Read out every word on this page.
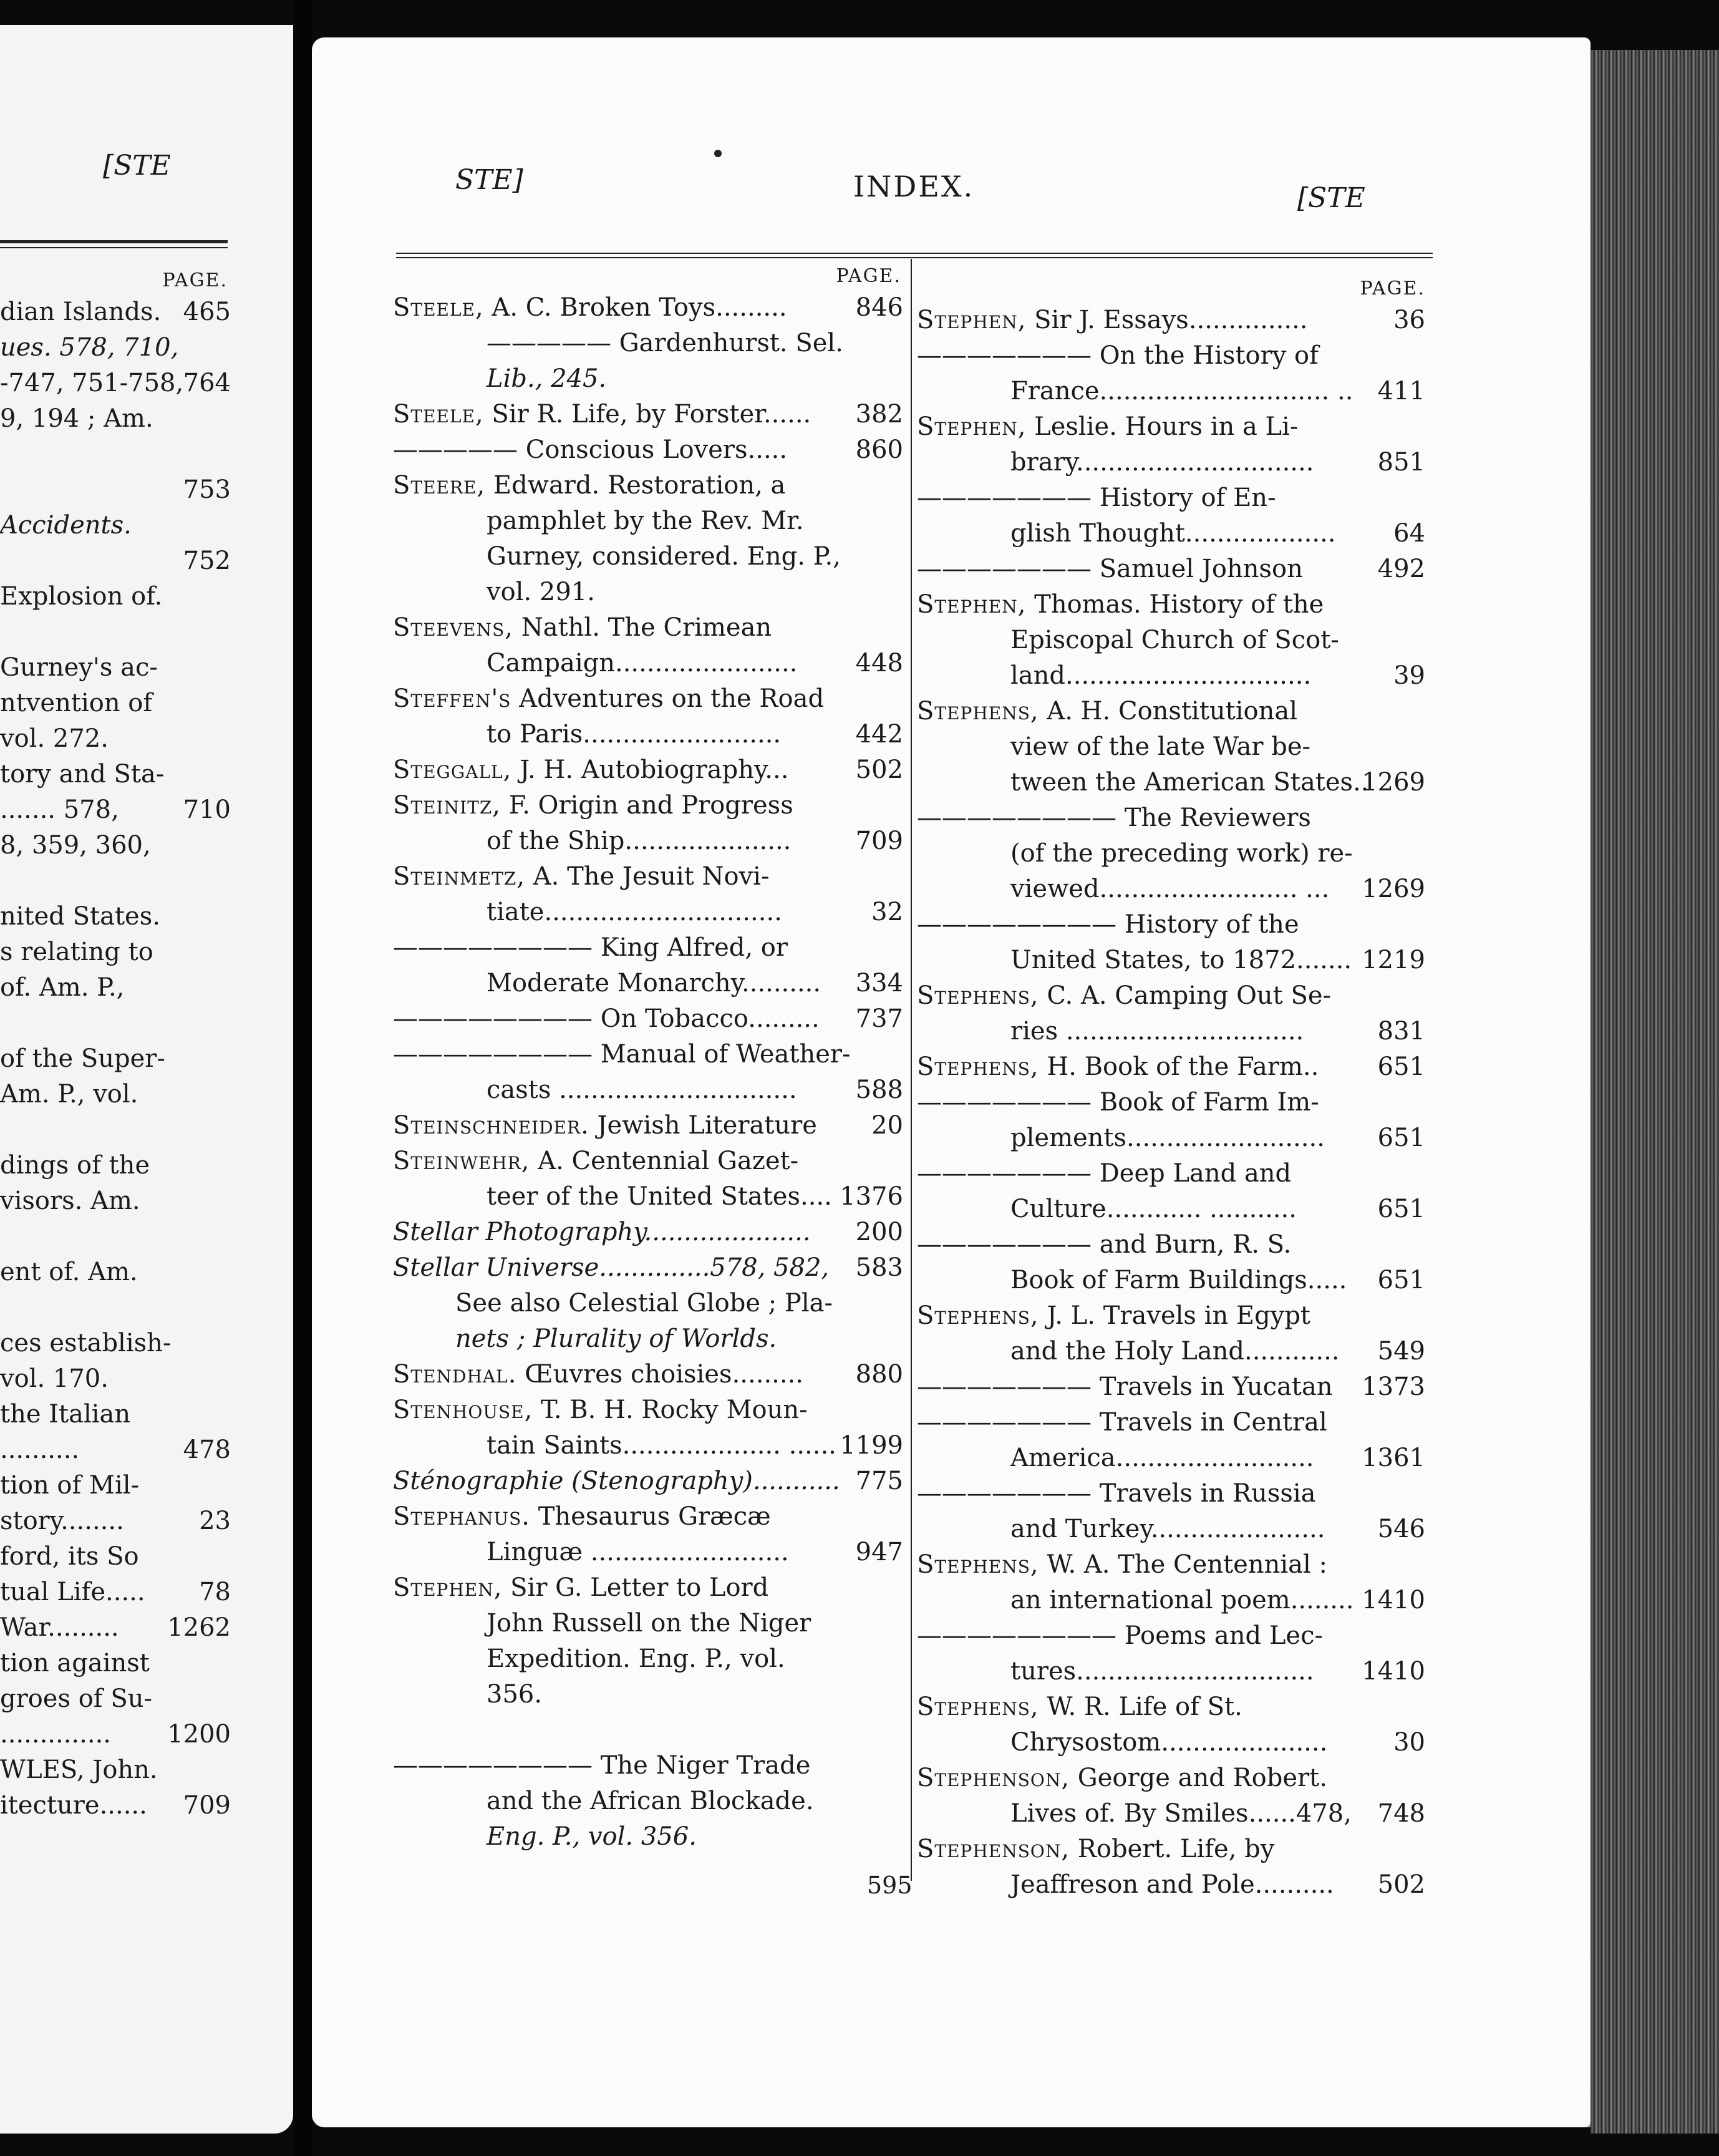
[STE
PAGE.
dian Islands. 465
ues. 578, 710,
-747, 751-758, 764
9, 194 ; Am.
753
Accidents.
752
Explosion of.
Gurney's ac-
ntvention of
vol. 272.
tory and Sta-
....... 578,	710
8, 359, 360,
nited States.
s relating to
of. Am. P.,
of the Super-
Am. P., vol.
dings of the
visors. Am.
ent of. Am.
ces establish-
vol. 170.
the Italian
..........	478
tion of Mil-
story........	23
ford, its So
tual Life..... 78
War......... 1262
tion against
groes of Su-
.............. 1200
WLES, John.
itecture...... 709
STE]	INDEX.	[STE
PAGE.
PAGE.
Steele, A. C. Broken Toys.........	846
————— Gardenhurst. Sel.
Lib., 245.
Steele, Sir R. Life, by Forster...... 382
————— Conscious Lovers.....	860
Steere, Edward. Restoration, a
pamphlet by the Rev. Mr.
Gurney, considered. Eng. P.,
vol. 291.
Steevens, Nathl. The Crimean
Campaign....................... 448
Steffen's Adventures on the Road
to Paris.........................	442
Steggall, J. H. Autobiography...	502
Steinitz, F. Origin and Progress
of the Ship.....................	709
Steinmetz, A. The Jesuit Novi-
tiate..............................	32
———————— King Alfred, or
Moderate Monarchy.......... 334
———————— On Tobacco......... 737
———————— Manual of Weather-
casts .............................. 588
Steinschneider. Jewish Literature 20
Steinwehr, A. Centennial Gazet-
teer of the United States.... 1376
Stellar Photography..................... 200
Stellar Universe..............578, 582, 583
See also Celestial Globe ; Pla-
nets ; Plurality of Worlds.
Stendhal. Œuvres choisies......... 880
Stenhouse, T. B. H. Rocky Moun-
tain Saints.................... ...... 1199
Sténographie (Stenography)........... 775
Stephanus. Thesaurus Græcæ
Linguæ .........................	947
Stephen, Sir G. Letter to Lord
John Russell on the Niger
Expedition. Eng. P., vol.
356.
———————— The Niger Trade
and the African Blockade.
Eng. P., vol. 356.
Stephen, Sir J. Essays...............	36
——————— On the History of
France............................. .. 411
Stephen, Leslie. Hours in a Li-
brary..............................	851
——————— History of En-
glish Thought................... 64
——————— Samuel Johnson	492
Stephen, Thomas. History of the
Episcopal Church of Scot-
land...............................	39
Stephens, A. H. Constitutional
view of the late War be-
tween the American States..
1269
———————— The Reviewers
(of the preceding work) re-
viewed......................... ... 1269
———————— History of the
United States, to 1872....... 1219
Stephens, C. A. Camping Out Se-
ries ..............................	831
Stephens, H. Book of the Farm.. 651
——————— Book of Farm Im-
plements......................... 651
——————— Deep Land and
Culture............ ...........	651
——————— and Burn, R. S.
Book of Farm Buildings..... 651
Stephens, J. L. Travels in Egypt
and the Holy Land............ 549
——————— Travels in Yucatan 1373
——————— Travels in Central
America......................... 1361
——————— Travels in Russia
and Turkey...................... 546
Stephens, W. A. The Centennial :
an international poem........ 1410
———————— Poems and Lec-
tures.............................. 1410
Stephens, W. R. Life of St.
Chrysostom.....................	30
Stephenson, George and Robert.
Lives of. By Smiles......478, 748
Stephenson, Robert. Life, by
Jeaffreson and Pole.......... 502
595
